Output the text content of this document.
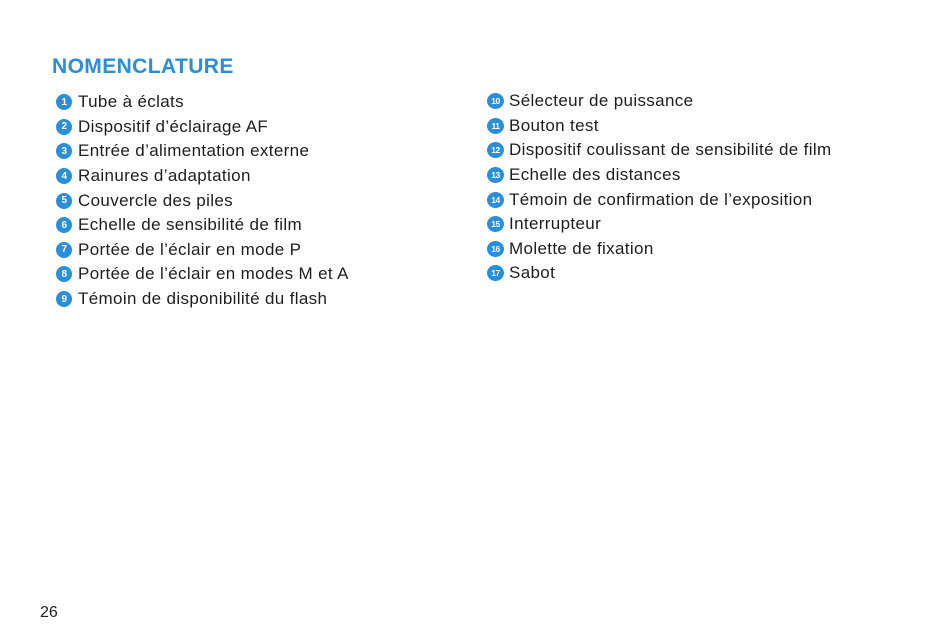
NOMENCLATURE
1 Tube à éclats
2 Dispositif d’éclairage AF
3 Entrée d’alimentation externe
4 Rainures d’adaptation
5 Couvercle des piles
6 Echelle de sensibilité de film
7 Portée de l’éclair en mode P
8 Portée de l’éclair en modes M et A
9 Témoin de disponibilité du flash
10 Sélecteur de puissance
11 Bouton test
12 Dispositif coulissant de sensibilité de film
13 Echelle des distances
14 Témoin de confirmation de l’exposition
15 Interrupteur
16 Molette de fixation
17 Sabot
26
